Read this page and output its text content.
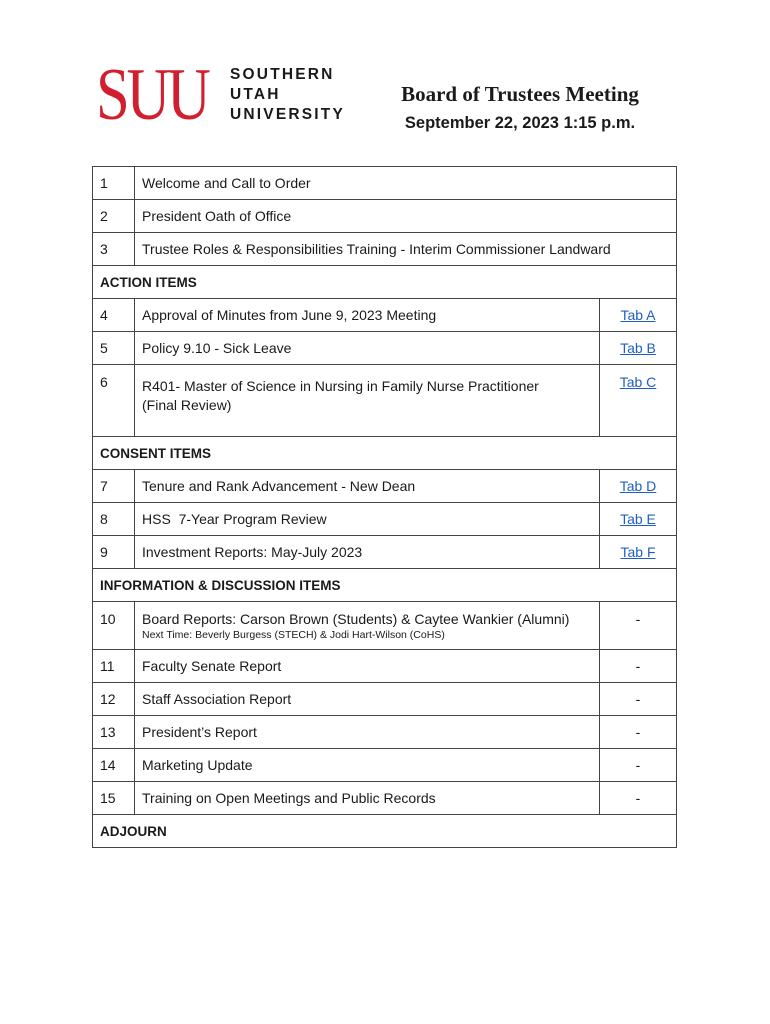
SUU SOUTHERN
UTAH
UNIVERSITY
Board of Trustees Meeting
September 22, 2023 1:15 p.m.
1	Welcome and Call to Order	
2	President Oath of Office	
3	Trustee Roles & Responsibilities Training - Interim Commissioner Landward	
ACTION ITEMS		
4	Approval of Minutes from June 9, 2023 Meeting	Tab A
5	Policy 9.10 - Sick Leave	Tab B
6	R401- Master of Science in Nursing in Family Nurse Practitioner
(Final Review)	Tab C
CONSENT ITEMS		
7	Tenure and Rank Advancement - New Dean	Tab D
8	HSS  7-Year Program Review	Tab E
9	Investment Reports: May-July 2023	Tab F
INFORMATION & DISCUSSION ITEMS		
10	Board Reports: Carson Brown (Students) & Caytee Wankier (Alumni)
Next Time: Beverly Burgess (STECH) & Jodi Hart-Wilson (CoHS)	-
11	Faculty Senate Report	-
12	Staff Association Report	-
13	President’s Report	-
14	Marketing Update	-
15	Training on Open Meetings and Public Records	-
ADJOURN		
